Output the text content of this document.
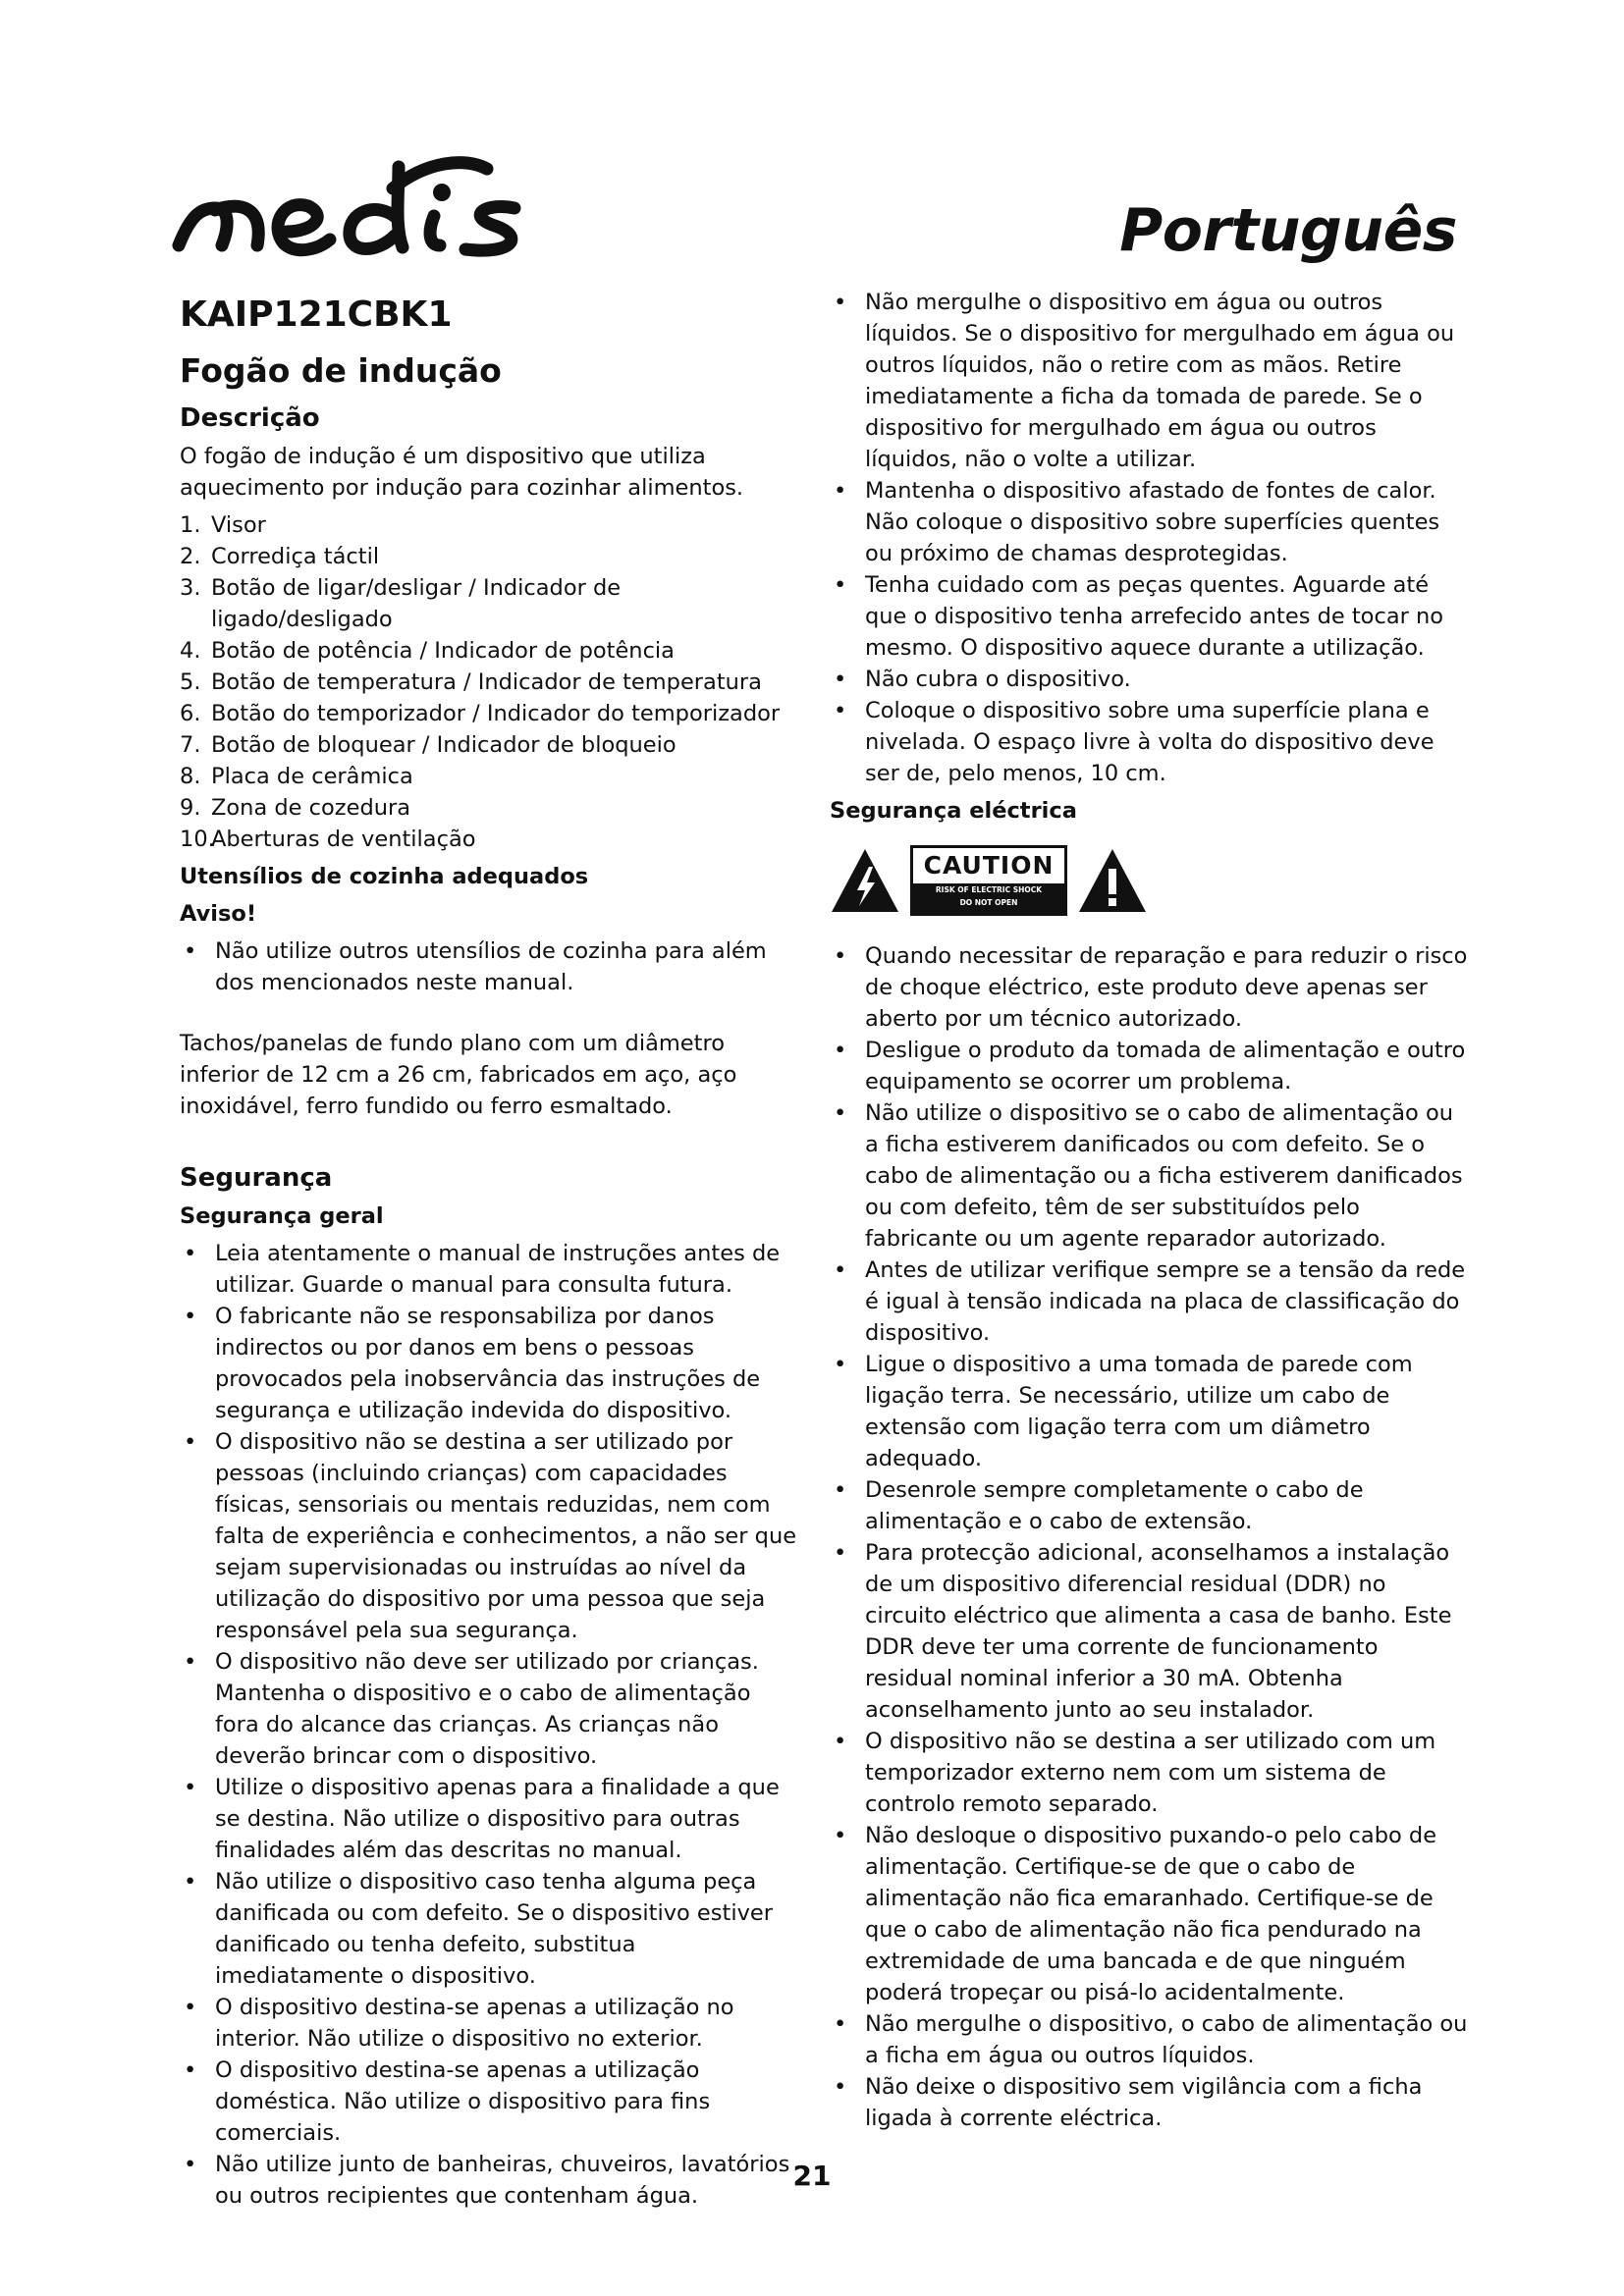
Português
KAIP121CBK1
Fogão de indução
Descrição

O fogão de indução é um dispositivo que utiliza aquecimento por indução para cozinhar alimentos.

1. Visor
2. Corrediça táctil
3. Botão de ligar/desligar / Indicador de ligado/desligado
4. Botão de potência / Indicador de potência
5. Botão de temperatura / Indicador de temperatura
6. Botão do temporizador / Indicador do temporizador
7. Botão de bloquear / Indicador de bloqueio
8. Placa de cerâmica
9. Zona de cozedura
10.
Aberturas de ventilação
Utensílios de cozinha adequados
Aviso!
• Não utilize outros utensílios de cozinha para além dos mencionados neste manual.

Tachos/panelas de fundo plano com um diâmetro inferior de 12 cm a 26 cm, fabricados em aço, aço inoxidável, ferro fundido ou ferro esmaltado.

Segurança
Segurança geral
• Leia atentamente o manual de instruções antes de utilizar. Guarde o manual para consulta futura.
• O fabricante não se responsabiliza por danos indirectos ou por danos em bens o pessoas provocados pela inobservância das instruções de segurança e utilização indevida do dispositivo.
• O dispositivo não se destina a ser utilizado por pessoas (incluindo crianças) com capacidades físicas, sensoriais ou mentais reduzidas, nem com falta de experiência e conhecimentos, a não ser que sejam supervisionadas ou instruídas ao nível da utilização do dispositivo por uma pessoa que seja responsável pela sua segurança.
• O dispositivo não deve ser utilizado por crianças. Mantenha o dispositivo e o cabo de alimentação fora do alcance das crianças. As crianças não deverão brincar com o dispositivo.
• Utilize o dispositivo apenas para a finalidade a que se destina. Não utilize o dispositivo para outras finalidades além das descritas no manual.
• Não utilize o dispositivo caso tenha alguma peça danificada ou com defeito. Se o dispositivo estiver danificado ou tenha defeito, substitua imediatamente o dispositivo.
• O dispositivo destina-se apenas a utilização no interior. Não utilize o dispositivo no exterior.
• O dispositivo destina-se apenas a utilização doméstica. Não utilize o dispositivo para fins comerciais.
• Não utilize junto de banheiras, chuveiros, lavatórios ou outros recipientes que contenham água.
• Não mergulhe o dispositivo em água ou outros líquidos. Se o dispositivo for mergulhado em água ou outros líquidos, não o retire com as mãos. Retire imediatamente a ficha da tomada de parede. Se o dispositivo for mergulhado em água ou outros líquidos, não o volte a utilizar.
• Mantenha o dispositivo afastado de fontes de calor. Não coloque o dispositivo sobre superfícies quentes ou próximo de chamas desprotegidas.
• Tenha cuidado com as peças quentes. Aguarde até que o dispositivo tenha arrefecido antes de tocar no mesmo. O dispositivo aquece durante a utilização.
• Não cubra o dispositivo.
• Coloque o dispositivo sobre uma superfície plana e nivelada. O espaço livre à volta do dispositivo deve ser de, pelo menos, 10 cm.
Segurança eléctrica
CAUTION
RISK OF ELECTRIC SHOCK
DO NOT OPEN
• Quando necessitar de reparação e para reduzir o risco de choque eléctrico, este produto deve apenas ser aberto por um técnico autorizado.
• Desligue o produto da tomada de alimentação e outro equipamento se ocorrer um problema.
• Não utilize o dispositivo se o cabo de alimentação ou a ficha estiverem danificados ou com defeito. Se o cabo de alimentação ou a ficha estiverem danificados ou com defeito, têm de ser substituídos pelo fabricante ou um agente reparador autorizado.
• Antes de utilizar verifique sempre se a tensão da rede é igual à tensão indicada na placa de classificação do dispositivo.
• Ligue o dispositivo a uma tomada de parede com ligação terra. Se necessário, utilize um cabo de extensão com ligação terra com um diâmetro adequado.
• Desenrole sempre completamente o cabo de alimentação e o cabo de extensão.
• Para protecção adicional, aconselhamos a instalação de um dispositivo diferencial residual (DDR) no circuito eléctrico que alimenta a casa de banho. Este DDR deve ter uma corrente de funcionamento residual nominal inferior a 30 mA. Obtenha aconselhamento junto ao seu instalador.
• O dispositivo não se destina a ser utilizado com um temporizador externo nem com um sistema de controlo remoto separado.
• Não desloque o dispositivo puxando-o pelo cabo de alimentação. Certifique-se de que o cabo de alimentação não fica emaranhado. Certifique-se de que o cabo de alimentação não fica pendurado na extremidade de uma bancada e de que ninguém poderá tropeçar ou pisá-lo acidentalmente.
• Não mergulhe o dispositivo, o cabo de alimentação ou a ficha em água ou outros líquidos.
• Não deixe o dispositivo sem vigilância com a ficha ligada à corrente eléctrica.
21
